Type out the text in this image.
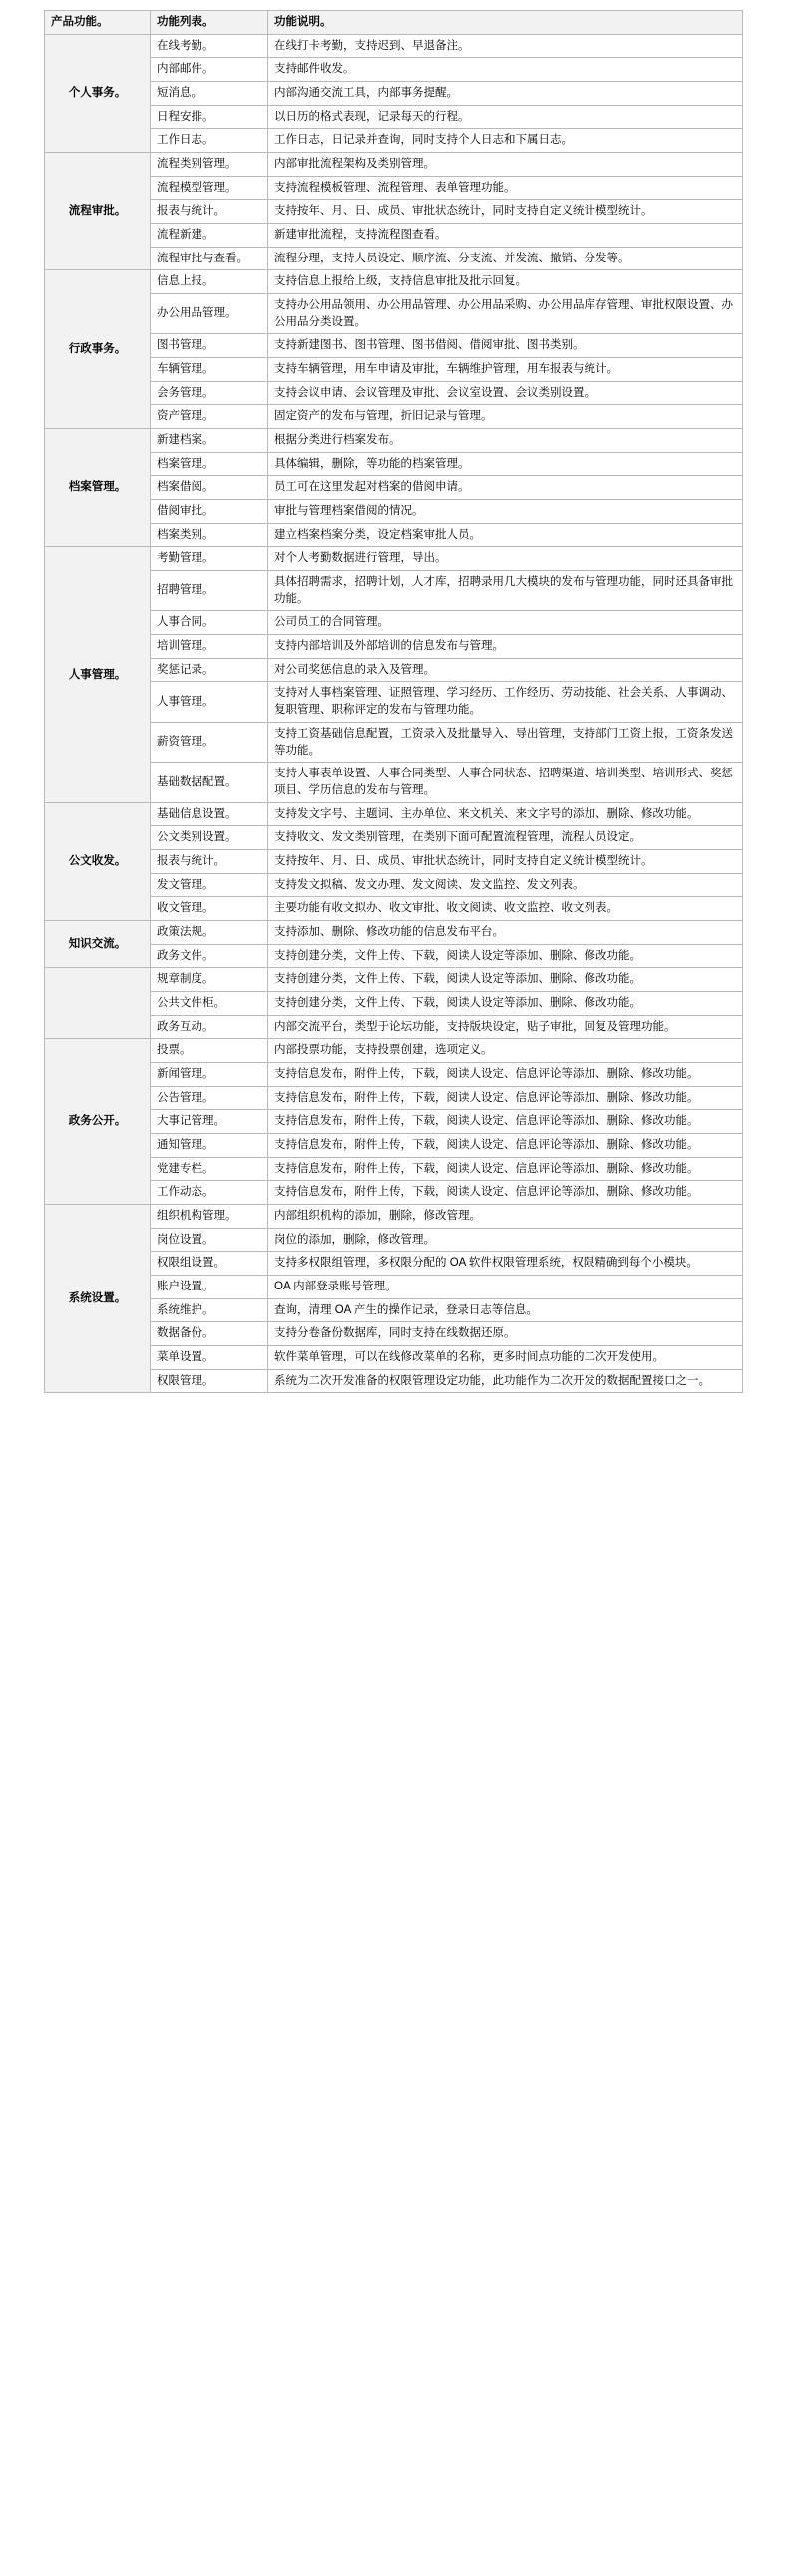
产品功能。	功能列表。	功能说明。
个人事务。	在线考勤。	在线打卡考勤，支持迟到、早退备注。
	内部邮件。	支持邮件收发。
	短消息。	内部沟通交流工具，内部事务提醒。
	日程安排。	以日历的格式表现，记录每天的行程。
	工作日志。	工作日志，日记录并查询，同时支持个人日志和下属日志。
流程审批。	流程类别管理。	内部审批流程架构及类别管理。
	流程模型管理。	支持流程模板管理、流程管理、表单管理功能。
	报表与统计。	支持按年、月、日、成员、审批状态统计，同时支持自定义统计模型统计。
	流程新建。	新建审批流程，支持流程图查看。
	流程审批与查看。	流程分理，支持人员设定、顺序流、分支流、并发流、撤销、分发等。
行政事务。	信息上报。	支持信息上报给上级，支持信息审批及批示回复。
	办公用品管理。	支持办公用品领用、办公用品管理、办公用品采购、办公用品库存管理、审批权限设置、办公用品分类设置。
	图书管理。	支持新建图书、图书管理、图书借阅、借阅审批、图书类别。
	车辆管理。	支持车辆管理，用车申请及审批，车辆维护管理，用车报表与统计。
	会务管理。	支持会议申请、会议管理及审批、会议室设置、会议类别设置。
	资产管理。	固定资产的发布与管理，折旧记录与管理。
档案管理。	新建档案。	根据分类进行档案发布。
	档案管理。	具体编辑，删除，等功能的档案管理。
	档案借阅。	员工可在这里发起对档案的借阅申请。
	借阅审批。	审批与管理档案借阅的情况。
	档案类别。	建立档案档案分类，设定档案审批人员。
人事管理。	考勤管理。	对个人考勤数据进行管理，导出。
	招聘管理。	具体招聘需求，招聘计划，人才库，招聘录用几大模块的发布与管理功能，同时还具备审批功能。
	人事合同。	公司员工的合同管理。
	培训管理。	支持内部培训及外部培训的信息发布与管理。
	奖惩记录。	对公司奖惩信息的录入及管理。
	人事管理。	支持对人事档案管理、证照管理、学习经历、工作经历、劳动技能、社会关系、人事调动、复职管理、职称评定的发布与管理功能。
	薪资管理。	支持工资基础信息配置，工资录入及批量导入、导出管理，支持部门工资上报，工资条发送等功能。
	基础数据配置。	支持人事表单设置、人事合同类型、人事合同状态、招聘渠道、培训类型、培训形式、奖惩项目、学历信息的发布与管理。
公文收发。	基础信息设置。	支持发文字号、主题词、主办单位、来文机关、来文字号的添加、删除、修改功能。
	公文类别设置。	支持收文、发文类别管理，在类别下面可配置流程管理，流程人员设定。
	报表与统计。	支持按年、月、日、成员、审批状态统计，同时支持自定义统计模型统计。
	发文管理。	支持发文拟稿、发文办理、发文阅读、发文监控、发文列表。
	收文管理。	主要功能有收文拟办、收文审批、收文阅读、收文监控、收文列表。
知识交流。	政策法规。	支持添加、删除、修改功能的信息发布平台。
	政务文件。	支持创建分类，文件上传、下载，阅读人设定等添加、删除、修改功能。
	规章制度。	支持创建分类，文件上传、下载，阅读人设定等添加、删除、修改功能。
	公共文件柜。	支持创建分类，文件上传、下载，阅读人设定等添加、删除、修改功能。
	政务互动。	内部交流平台，类型于论坛功能，支持版块设定，贴子审批，回复及管理功能。
政务公开。	投票。	内部投票功能，支持投票创建，选项定义。
	新闻管理。	支持信息发布，附件上传，下载，阅读人设定、信息评论等添加、删除、修改功能。
	公告管理。	支持信息发布，附件上传，下载，阅读人设定、信息评论等添加、删除、修改功能。
	大事记管理。	支持信息发布，附件上传，下载，阅读人设定、信息评论等添加、删除、修改功能。
	通知管理。	支持信息发布，附件上传，下载，阅读人设定、信息评论等添加、删除、修改功能。
	党建专栏。	支持信息发布，附件上传，下载，阅读人设定、信息评论等添加、删除、修改功能。
	工作动态。	支持信息发布，附件上传，下载，阅读人设定、信息评论等添加、删除、修改功能。
系统设置。	组织机构管理。	内部组织机构的添加，删除，修改管理。
	岗位设置。	岗位的添加，删除，修改管理。
	权限组设置。	支持多权限组管理，多权限分配的 OA 软件权限管理系统，权限精确到每个小模块。
	账户设置。	OA 内部登录账号管理。
	系统维护。	查询，清理 OA 产生的操作记录，登录日志等信息。
	数据备份。	支持分卷备份数据库，同时支持在线数据还原。
	菜单设置。	软件菜单管理，可以在线修改菜单的名称，更多时间点功能的二次开发使用。
	权限管理。	系统为二次开发准备的权限管理设定功能，此功能作为二次开发的数据配置接口之一。
